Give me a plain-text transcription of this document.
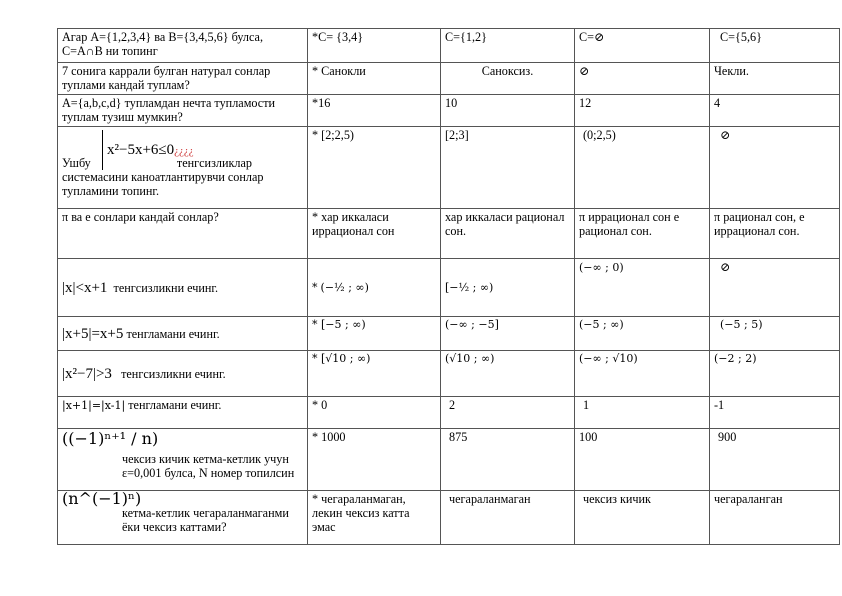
Агар A={1,2,3,4} ва B={3,4,5,6} булса, C=A∩B ни топинг	*C= {3,4}	C={1,2}	C=⊘	C={5,6}
7 сонига каррали булган натурал сонлар туплами кандай туплам?	* Санокли	Саноксиз.	⊘	Чекли.
A={a,b,c,d} тупламдан нечта тупламости туплам тузиш мумкин?	*16	10	12	4

x²−5x+6≤0¿¿¿¿
Ушбу тенгсизликлар системасини каноатлантирувчи сонлар тупламини топинг.	* [2;2,5)	[2;3]	(0;2,5)	⊘
π ва e сонлари кандай сонлар?	* хар иккаласи иррационал сон	хар иккаласи рационал сон.	π иррационал сон e рационал сон.	π рационал сон, e иррационал сон.
|x|<x+1 тенгсизликни ечинг.	* (−½ ; ∞)	[−½ ; ∞)	(−∞ ; 0)	⊘
|x+5|=x+5 тенгламани ечинг.	* [−5 ; ∞)	(−∞ ; −5]	(−5 ; ∞)	(−5 ; 5)
|x²−7|>3 тенгсизликни ечинг.	* [√10 ; ∞)	(√10 ; ∞)	(−∞ ; √10)	(−2 ; 2)
|x+1|=|x-1| тенгламани ечинг.	* 0	2	1	-1

((−1)ⁿ⁺¹ / n)
чексиз кичик кетма-кетлик учун ε=0,001 булса, N номер топилсин	* 1000	875	100	900

(n^(−1)ⁿ)
кетма-кетлик чегараланмаганми ёки чексиз каттами?	* чегараланмаган, лекин чексиз катта эмас	чегараланмаган	чексиз кичик	чегараланган
